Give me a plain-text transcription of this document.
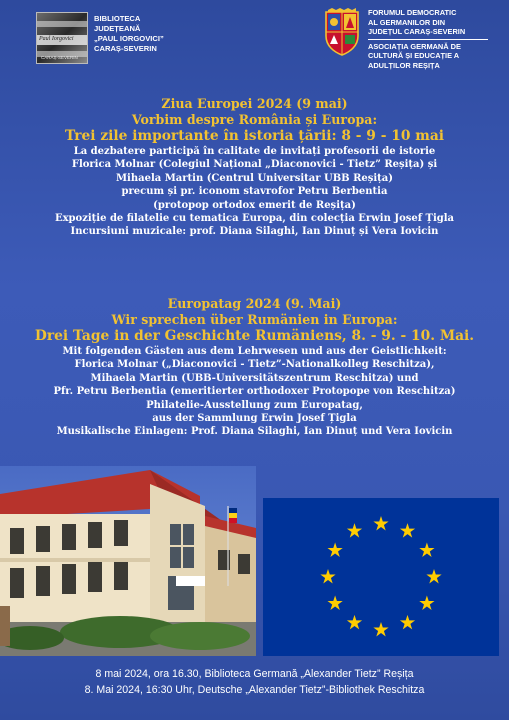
Paul Iorgovici
CARAȘ-SEVERIN
BIBLIOTECA
JUDEȚEANĂ
„PAUL IORGOVICI”
CARAȘ-SEVERIN
FORUMUL DEMOCRATIC
AL GERMANILOR DIN
JUDEȚUL CARAȘ-SEVERIN
ASOCIAȚIA GERMANĂ DE
CULTURĂ ȘI EDUCAȚIE A
ADULȚILOR REȘIȚA
Ziua Europei 2024 (9 mai)
Vorbim despre România și Europa:
Trei zile importante în istoria țării: 8 - 9 - 10 mai
La dezbatere participă în calitate de invitați profesorii de istorie
Florica Molnar (Colegiul Național „Diaconovici - Tietz” Reșița) și
Mihaela Martin (Centrul Universitar UBB Reșița)
precum și pr. iconom stavrofor Petru Berbentia
(protopop ortodox emerit de Reșița)
Expoziție de filatelie cu tematica Europa, din colecția Erwin Josef Țigla
Incursiuni muzicale: prof. Diana Silaghi, Ian Dinuț și Vera Iovicin
Europatag 2024 (9. Mai)
Wir sprechen über Rumänien in Europa:
Drei Tage in der Geschichte Rumäniens, 8. - 9. - 10. Mai.
Mit folgenden Gästen aus dem Lehrwesen und aus der Geistlichkeit:
Florica Molnar („Diaconovici - Tietz”-Nationalkolleg Reschitza),
Mihaela Martin (UBB-Universitätszentrum Reschitza) und
Pfr. Petru Berbentia (emeritierter orthodoxer Protopope von Reschitza)
Philatelie-Ausstellung zum Europatag,
aus der Sammlung Erwin Josef Țigla
Musikalische Einlagen: Prof. Diana Silaghi, Ian Dinuț und Vera Iovicin
8 mai 2024, ora 16.30, Biblioteca Germană „Alexander Tietz” Reșița
8. Mai 2024, 16:30 Uhr, Deutsche „Alexander Tietz”-Bibliothek Reschitza
